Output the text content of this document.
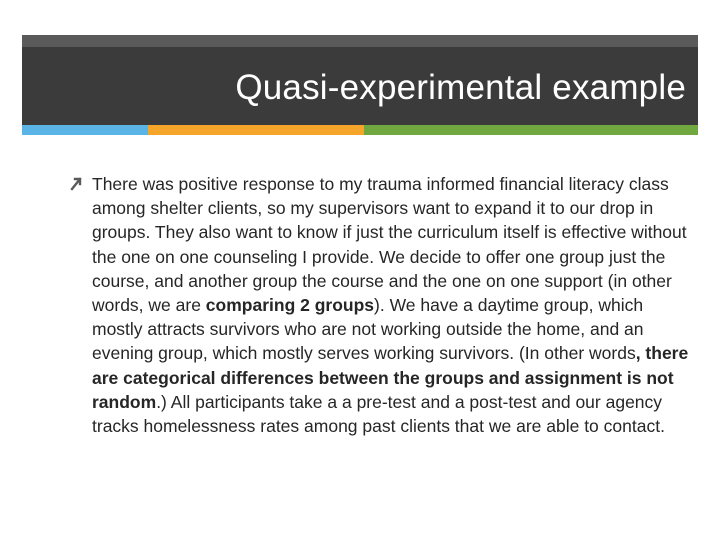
Quasi-experimental example

There was positive response to my trauma informed financial literacy class among shelter clients, so my supervisors want to expand it to our drop in groups. They also want to know if just the curriculum itself is effective without the one on one counseling I provide. We decide to offer one group just the course, and another group the course and the one on one support (in other words, we are comparing 2 groups). We have a daytime group, which mostly attracts survivors who are not working outside the home, and an evening group, which mostly serves working survivors. (In other words, there are categorical differences between the groups and assignment is not random.) All participants take a a pre-test and a post-test and our agency tracks homelessness rates among past clients that we are able to contact.
